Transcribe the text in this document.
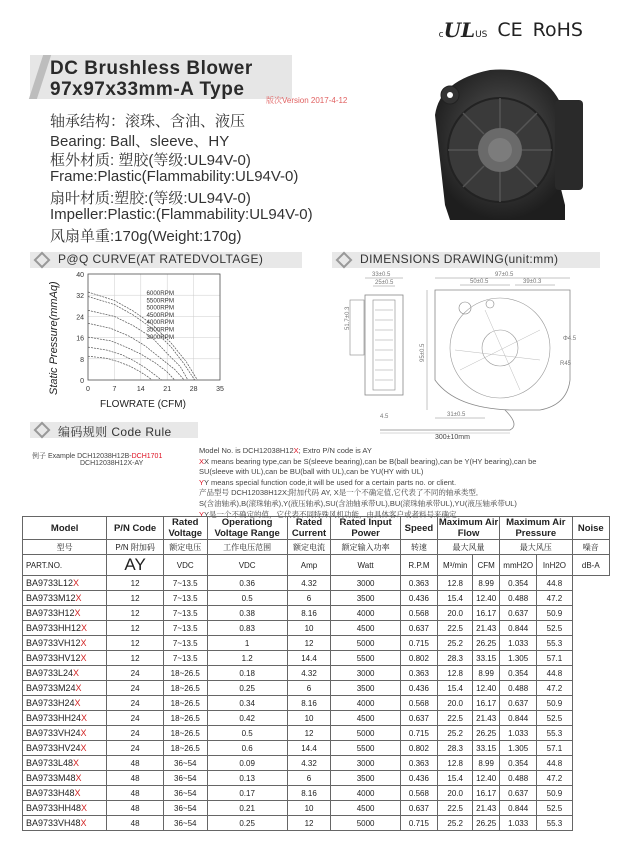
cULUS CE RoHS
DC Brushless Blower
97x97x33mm-A Type
版次Version 2017-4-12
轴承结构：滚珠、含油、液压
Bearing: Ball、sleeve、HY
框外材质: 塑胶(等级:UL94V-0)
Frame:Plastic(Flammability:UL94V-0)
扇叶材质:塑胶:(等级:UL94V-0)
Impeller:Plastic:(Flammability:UL94V-0)
风扇单重:170g(Weight:170g)
P@Q CURVE(AT RATEDVOLTAGE)	DIMENSIONS DRAWING(unit:mm)
Static Pressure(mmAq)
FLOWRATE (CFM)
0
8
16
24
32
40
0	7	14	21	28	35
6000RPM
5500RPM
5000RPM
4500RPM
4000RPM
3500RPM
3000RPM
33±0.5
25±0.5
51.7±0.3
97±0.5
50±0.5	39±0.3
95±0.5
31±0.5
R45
Φ4.5
4.5
300±10mm
编码规则 Code Rule
例子 Example DCH12038H12B-DCH1701
DCH12038H12X-AY
Model No. is DCH12038H12X; Extro P/N code is AY
XX means bearing type,can be S(sleeve bearing),can be B(ball bearing),can be Y(HY bearing),can be
SU(sleeve with UL),can be BU(ball with UL),can be YU(HY with UL)
YY means special function code,it will be used for a certain parts no. or client.
产品型号 DCH12038H12X;附加代码 AY, X是一个不确定值,它代表了不同的轴承类型,
S(含油轴承),B(滚珠轴承),Y(液压轴承),SU(含油轴承带UL),BU(滚珠轴承带UL),YU(液压轴承带UL)
YY是一个不确定的值，它代表不同特殊风机功能，由具体客户或者料号来确定
Model	P/N Code	Rated Voltage	Operationg Voltage Range	Rated Current	Rated Input Power	Speed	Maximum Air Flow		Maximum Air Pressure		Noise

型号	P/N 附加码	额定电压	工作电压范围	额定电流	额定输入功率	转速	最大风量		最大风压		噪音
PART.NO.	AY	VDC	VDC	Amp	Watt	R.P.M	M³/min	CFM	mmH2O	InH2O	dB-A
BA9733L12X	12	7~13.5	0.36	4.32	3000	0.363	12.8	8.99	0.354	44.8	
BA9733M12X	12	7~13.5	0.5	6	3500	0.436	15.4	12.40	0.488	47.2	
BA9733H12X	12	7~13.5	0.38	8.16	4000	0.568	20.0	16.17	0.637	50.9	
BA9733HH12X	12	7~13.5	0.83	10	4500	0.637	22.5	21.43	0.844	52.5	
BA9733VH12X	12	7~13.5	1	12	5000	0.715	25.2	26.25	1.033	55.3	
BA9733HV12X	12	7~13.5	1.2	14.4	5500	0.802	28.3	33.15	1.305	57.1	
BA9733L24X	24	18~26.5	0.18	4.32	3000	0.363	12.8	8.99	0.354	44.8	
BA9733M24X	24	18~26.5	0.25	6	3500	0.436	15.4	12.40	0.488	47.2	
BA9733H24X	24	18~26.5	0.34	8.16	4000	0.568	20.0	16.17	0.637	50.9	
BA9733HH24X	24	18~26.5	0.42	10	4500	0.637	22.5	21.43	0.844	52.5	
BA9733VH24X	24	18~26.5	0.5	12	5000	0.715	25.2	26.25	1.033	55.3	
BA9733HV24X	24	18~26.5	0.6	14.4	5500	0.802	28.3	33.15	1.305	57.1	
BA9733L48X	48	36~54	0.09	4.32	3000	0.363	12.8	8.99	0.354	44.8	
BA9733M48X	48	36~54	0.13	6	3500	0.436	15.4	12.40	0.488	47.2	
BA9733H48X	48	36~54	0.17	8.16	4000	0.568	20.0	16.17	0.637	50.9	
BA9733HH48X	48	36~54	0.21	10	4500	0.637	22.5	21.43	0.844	52.5	
BA9733VH48X	48	36~54	0.25	12	5000	0.715	25.2	26.25	1.033	55.3	
